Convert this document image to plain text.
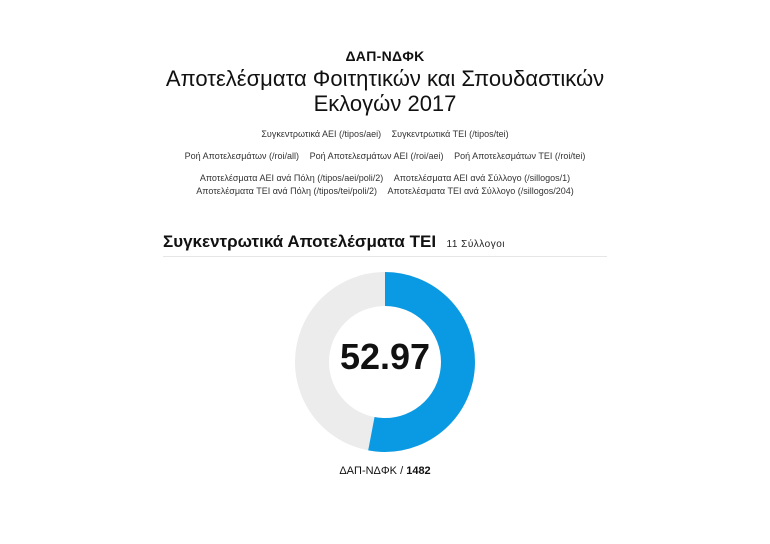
ΔΑΠ-ΝΔΦΚ
Αποτελέσματα Φοιτητικών και Σπουδαστικών
Εκλογών 2017
Συγκεντρωτικά ΑΕΙ (/tipos/aei) Συγκεντρωτικά ΤΕΙ (/tipos/tei)
Ροή Αποτελεσμάτων (/roi/all) Ροή Αποτελεσμάτων ΑΕΙ (/roi/aei) Ροή Αποτελεσμάτων ΤΕΙ (/roi/tei)
Αποτελέσματα ΑΕΙ ανά Πόλη (/tipos/aei/poli/2) Αποτελέσματα ΑΕΙ ανά Σύλλογο (/sillogos/1)
Αποτελέσματα ΤΕΙ ανά Πόλη (/tipos/tei/poli/2) Αποτελέσματα ΤΕΙ ανά Σύλλογο (/sillogos/204)
Συγκεντρωτικά Αποτελέσματα ΤΕΙ 11 Σύλλογοι
52.97
ΔΑΠ-ΝΔΦΚ / 1482
